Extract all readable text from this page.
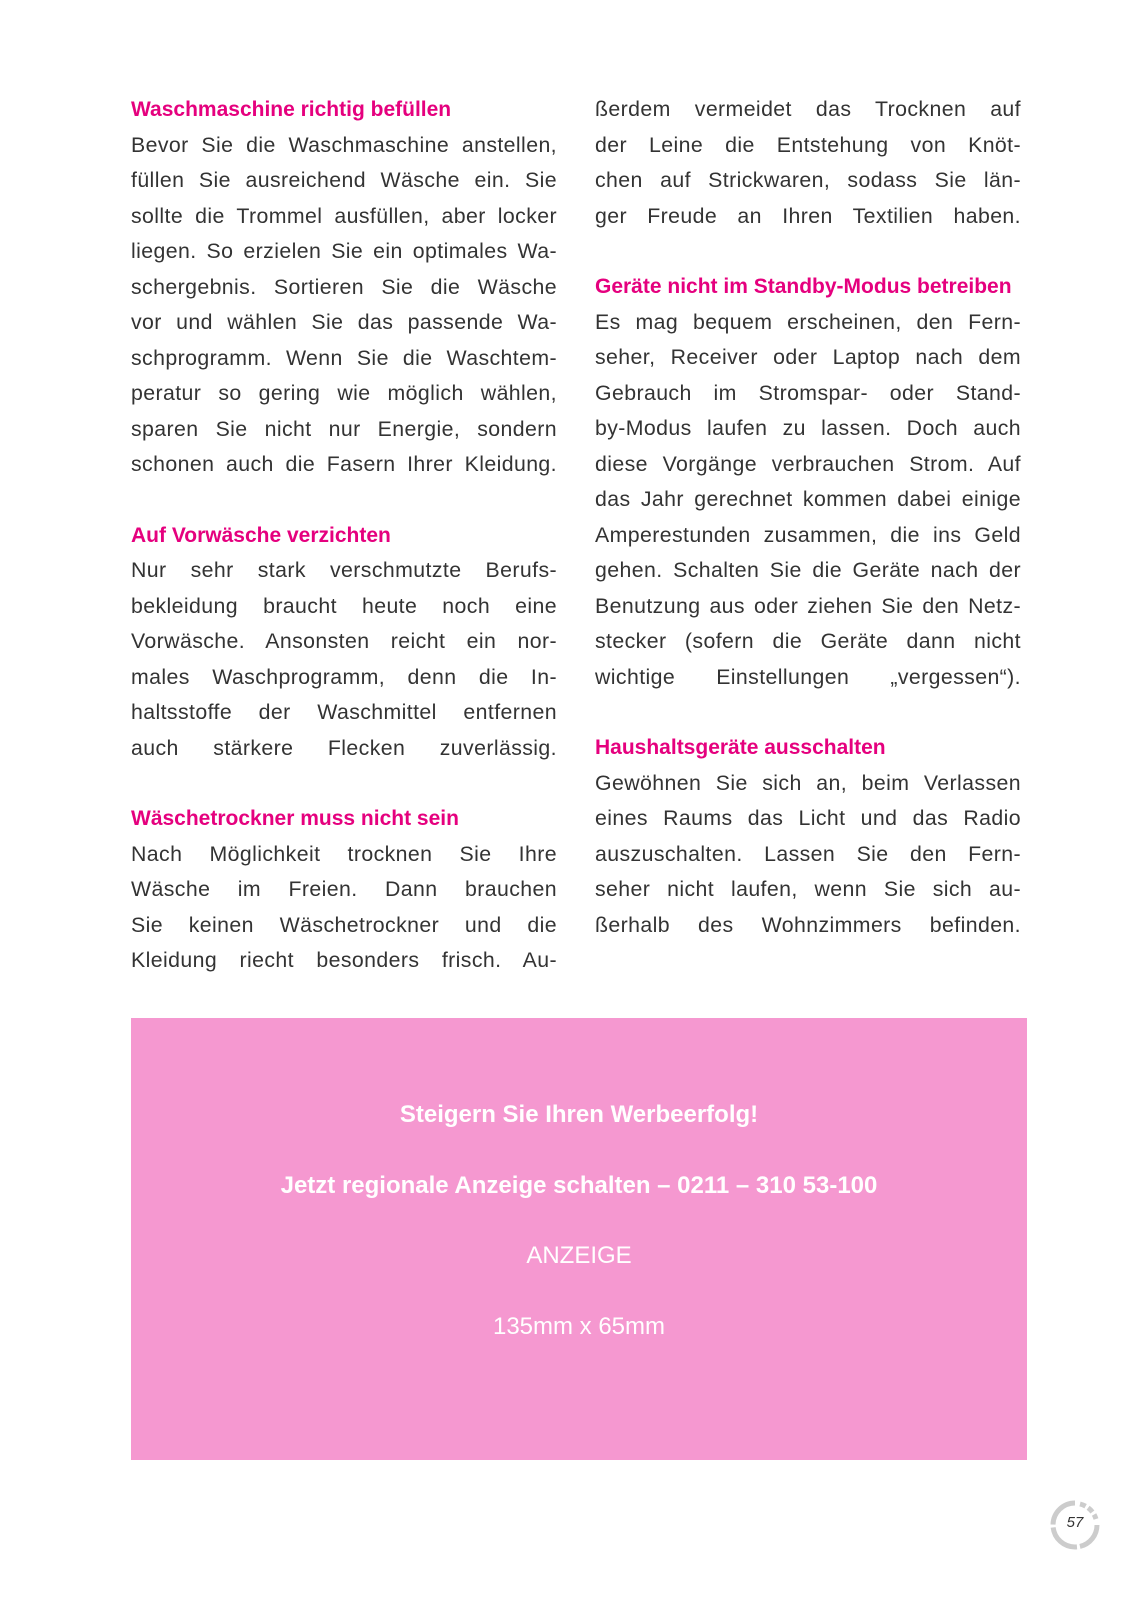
Waschmaschine richtig befüllen

Bevor Sie die Waschmaschine anstellen,
füllen Sie ausreichend Wäsche ein. Sie
sollte die Trommel ausfüllen, aber locker
liegen. So erzielen Sie ein optimales Wa-
schergebnis. Sortieren Sie die Wäsche
vor und wählen Sie das passende Wa-
schprogramm. Wenn Sie die Waschtem-
peratur so gering wie möglich wählen,
sparen Sie nicht nur Energie, sondern
schonen auch die Fasern Ihrer Kleidung.

Auf Vorwäsche verzichten

Nur sehr stark verschmutzte Berufs-
bekleidung braucht heute noch eine
Vorwäsche. Ansonsten reicht ein nor-
males Waschprogramm, denn die In-
haltsstoffe der Waschmittel entfernen
auch stärkere Flecken zuverlässig.

Wäschetrockner muss nicht sein

Nach Möglichkeit trocknen Sie Ihre
Wäsche im Freien. Dann brauchen
Sie keinen Wäschetrockner und die
Kleidung riecht besonders frisch. Au-

ßerdem vermeidet das Trocknen auf
der Leine die Entstehung von Knöt-
chen auf Strickwaren, sodass Sie län-
ger Freude an Ihren Textilien haben.

Geräte nicht im Standby-Modus betreiben

Es mag bequem erscheinen, den Fern-
seher, Receiver oder Laptop nach dem
Gebrauch im Stromspar- oder Stand-
by-Modus laufen zu lassen. Doch auch
diese Vorgänge verbrauchen Strom. Auf
das Jahr gerechnet kommen dabei einige
Amperestunden zusammen, die ins Geld
gehen. Schalten Sie die Geräte nach der
Benutzung aus oder ziehen Sie den Netz-
stecker (sofern die Geräte dann nicht
wichtige Einstellungen „vergessen“).

Haushaltsgeräte ausschalten

Gewöhnen Sie sich an, beim Verlassen
eines Raums das Licht und das Radio
auszuschalten. Lassen Sie den Fern-
seher nicht laufen, wenn Sie sich au-
ßerhalb des Wohnzimmers befinden.

Steigern Sie Ihren Werbeerfolg!

Jetzt regionale Anzeige schalten – 0211 – 310 53-100

ANZEIGE

135mm x 65mm

57
